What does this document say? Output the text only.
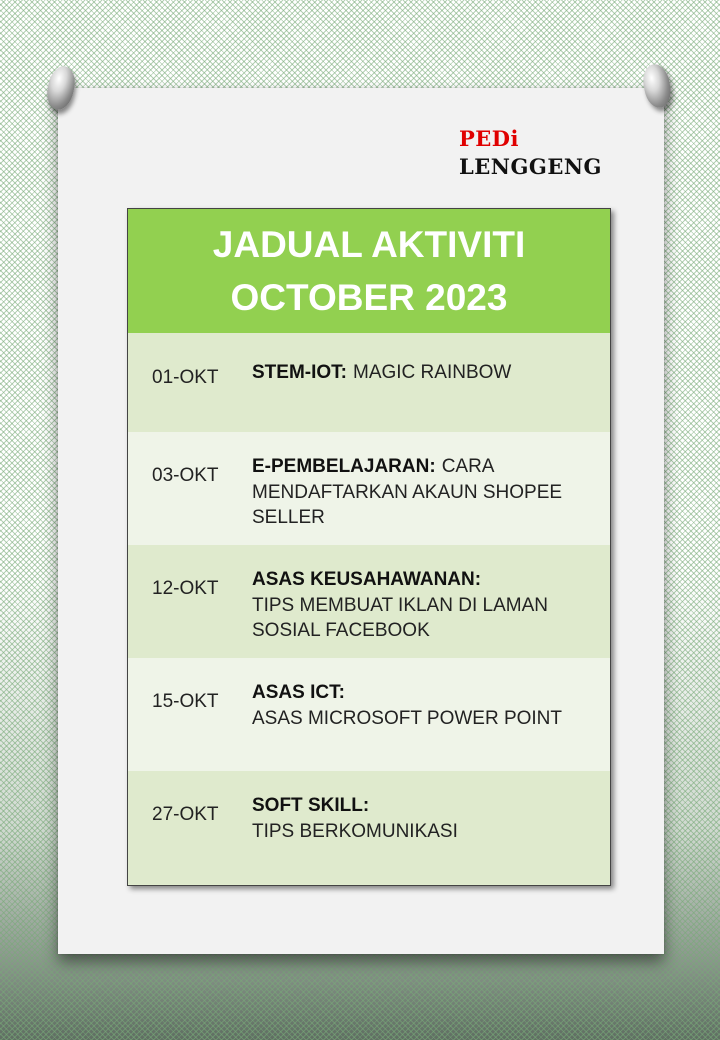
PEDi
LENGGENG
JADUAL AKTIVITI
OCTOBER 2023
01-OKT	STEM-IOT: MAGIC RAINBOW
03-OKT	E-PEMBELAJARAN: CARA MENDAFTARKAN AKAUN SHOPEE SELLER
12-OKT	ASAS KEUSAHAWANAN:
TIPS MEMBUAT IKLAN DI LAMAN SOSIAL FACEBOOK
15-OKT	ASAS ICT:
ASAS MICROSOFT POWER POINT
27-OKT	SOFT SKILL:
TIPS BERKOMUNIKASI
